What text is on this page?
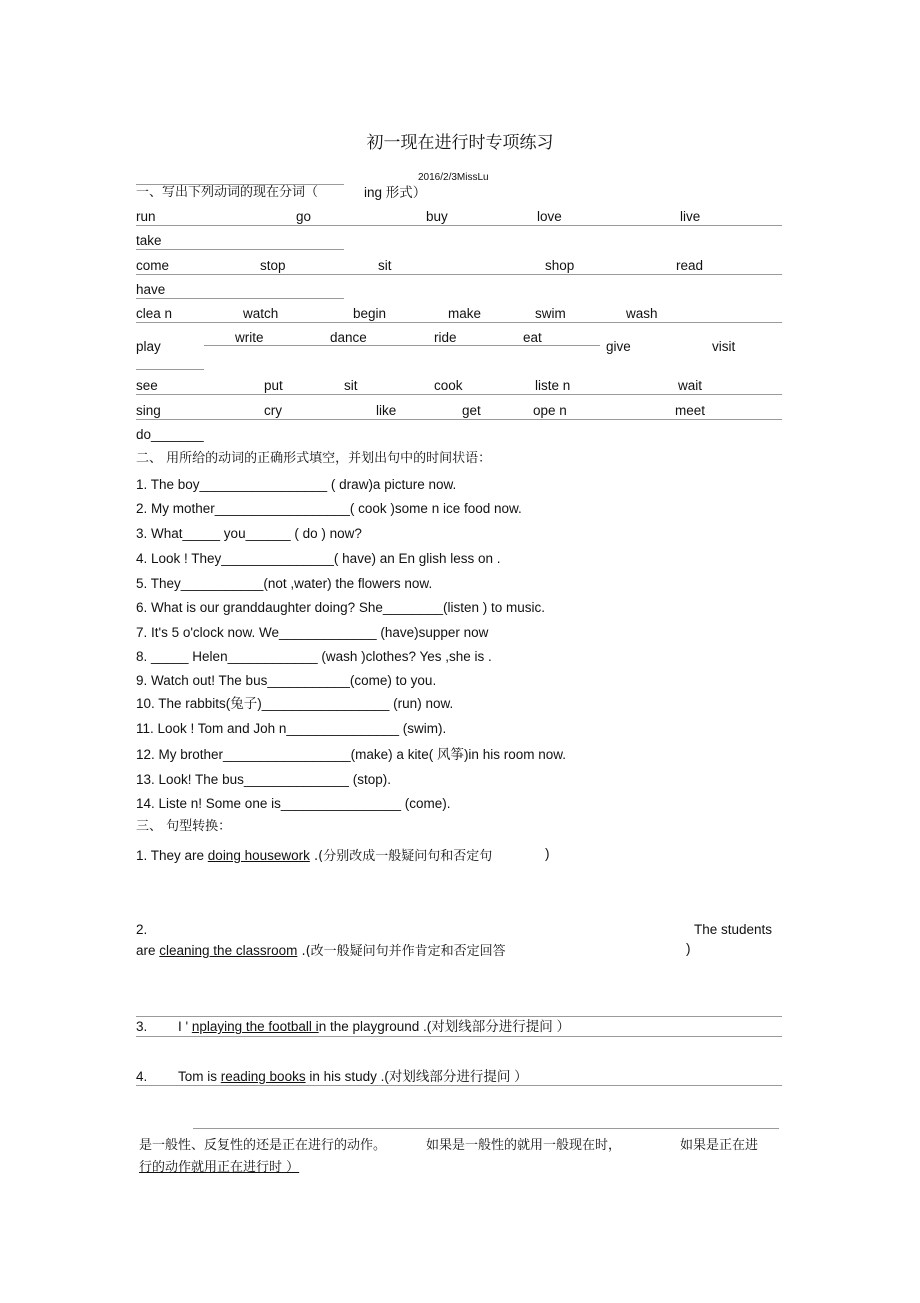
初一现在进行时专项练习
2016/2/3MissLu
一、写出下列动词的现在分词（	ing 形式）
run	go	buy	love	live
take
come	stop	sit	shop	read
have
clea n	watch	begin	make	swim	wash
write	dance	ride	eat
play	give	visit
see	put	sit	cook	liste n	wait
sing	cry	like	get	ope n	meet
do_______
二、 用所给的动词的正确形式填空，并划出句中的时间状语：
1. The boy_________________ ( draw)a picture now.
2. My mother__________________( cook )some n ice food now.
3. What_____ you______ ( do ) now?
4. Look ! They_______________( have) an En glish less on .
5. They___________(not ,water) the flowers now.
6. What is our granddaughter doing? She________(listen ) to music.
7. It's 5 o'clock now. We_____________ (have)supper now
8. _____ Helen____________ (wash )clothes? Yes ,she is .
9. Watch out! The bus___________(come) to you.
10. The rabbits(兔子)_________________ (run) now.
11. Look ! Tom and Joh n_______________ (swim).
12. My brother_________________(make) a kite( 风筝)in his room now.
13. Look! The bus______________ (stop).
14. Liste n! Some one is________________ (come).
三、 句型转换：
1. They are doing housework .(分别改成一般疑问句和否定句	)
2.	The students
are cleaning the classroom .(改一般疑问句并作肯定和否定回答	)
3. I ' nplaying the football in the playground .(对划线部分进行提问 ）
4. Tom is reading books in his study .(对划线部分进行提问 ）
是一般性、反复性的还是正在进行的动作。	如果是一般性的就用一般现在时，	如果是正在进
行的动作就用正在进行时 ）
